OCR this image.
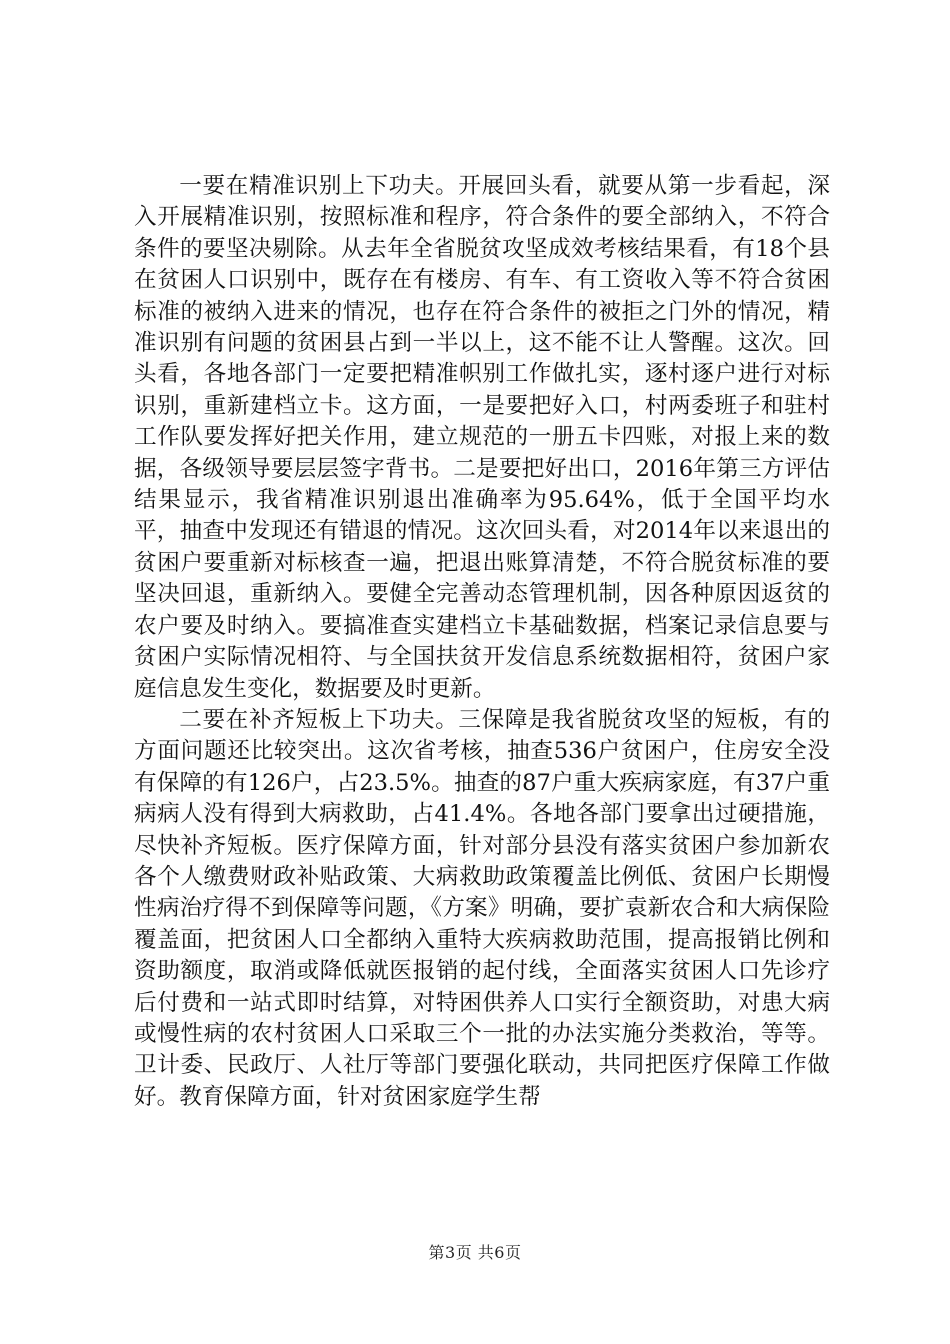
一要在精准识别上下功夫。开展回头看，就要从第一步看起，深入开展精准识别，按照标准和程序，符合条件的要全部纳入，不符合条件的要坚决剔除。从去年全省脱贫攻坚成效考核结果看，有18个县在贫困人口识别中，既存在有楼房、有车、有工资收入等不符合贫困标准的被纳入进来的情况，也存在符合条件的被拒之门外的情况，精准识别有问题的贫困县占到一半以上，这不能不让人警醒。这次。回头看，各地各部门一定要把精准帜别工作做扎实，逐村逐户进行对标识别，重新建档立卡。这方面，一是要把好入口，村两委班子和驻村工作队要发挥好把关作用，建立规范的一册五卡四账，对报上来的数据，各级领导要层层签字背书。二是要把好出口，2016年第三方评估结果显示，我省精准识别退出准确率为95.64%，低于全国平均水平，抽查中发现还有错退的情况。这次回头看，对2014年以来退出的贫困户要重新对标核查一遍，把退出账算清楚，不符合脱贫标准的要坚决回退，重新纳入。要健全完善动态管理机制，因各种原因返贫的农户要及时纳入。要搞准查实建档立卡基础数据，档案记录信息要与贫困户实际情况相符、与全国扶贫开发信息系统数据相符，贫困户家庭信息发生变化，数据要及时更新。

二要在补齐短板上下功夫。三保障是我省脱贫攻坚的短板，有的方面问题还比较突出。这次省考核，抽查536户贫困户，住房安全没有保障的有126户，占23.5%。抽查的87户重大疾病家庭，有37户重病病人没有得到大病救助，占41.4%。各地各部门要拿出过硬措施，尽快补齐短板。医疗保障方面，针对部分县没有落实贫困户参加新农各个人缴费财政补贴政策、大病救助政策覆盖比例低、贫困户长期慢性病治疗得不到保障等问题，《方案》明确，要扩袁新农合和大病保险覆盖面，把贫困人口全都纳入重特大疾病救助范围，提高报销比例和资助额度，取消或降低就医报销的起付线，全面落实贫困人口先诊疗后付费和一站式即时结算，对特困供养人口实行全额资助，对患大病或慢性病的农村贫困人口采取三个一批的办法实施分类救治，等等。卫计委、民政厅、人社厅等部门要强化联动，共同把医疗保障工作做好。教育保障方面，针对贫困家庭学生帮

第3页 共6页
